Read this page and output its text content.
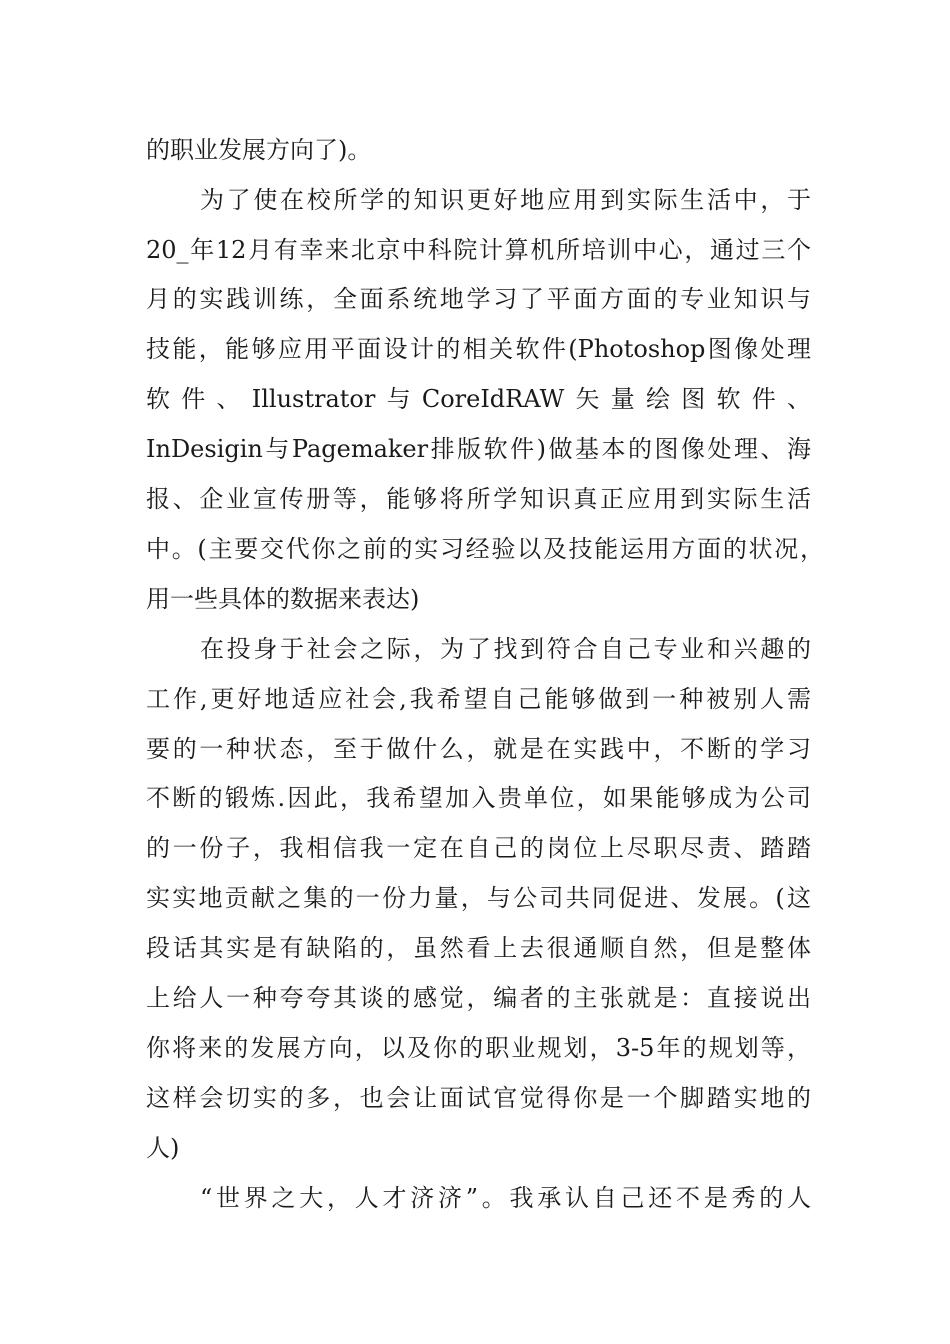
的职业发展方向了)。
为了使在校所学的知识更好地应用到实际生活中，于
20_年12月有幸来北京中科院计算机所培训中心，通过三个
月的实践训练，全面系统地学习了平面方面的专业知识与
技能，能够应用平面设计的相关软件(Photoshop图像处理
软件、Illustrator与CoreIdRAW矢量绘图软件、
InDesigin与Pagemaker排版软件)做基本的图像处理、海
报、企业宣传册等，能够将所学知识真正应用到实际生活
中。(主要交代你之前的实习经验以及技能运用方面的状况，
用一些具体的数据来表达)
在投身于社会之际，为了找到符合自己专业和兴趣的
工作,更好地适应社会,我希望自己能够做到一种被别人需
要的一种状态，至于做什么，就是在实践中，不断的学习
不断的锻炼.因此，我希望加入贵单位，如果能够成为公司
的一份子，我相信我一定在自己的岗位上尽职尽责、踏踏
实实地贡献之集的一份力量，与公司共同促进、发展。(这
段话其实是有缺陷的，虽然看上去很通顺自然，但是整体
上给人一种夸夸其谈的感觉，编者的主张就是：直接说出
你将来的发展方向，以及你的职业规划，3-5年的规划等，
这样会切实的多，也会让面试官觉得你是一个脚踏实地的
人)
“世界之大，人才济济”。我承认自己还不是秀的人
